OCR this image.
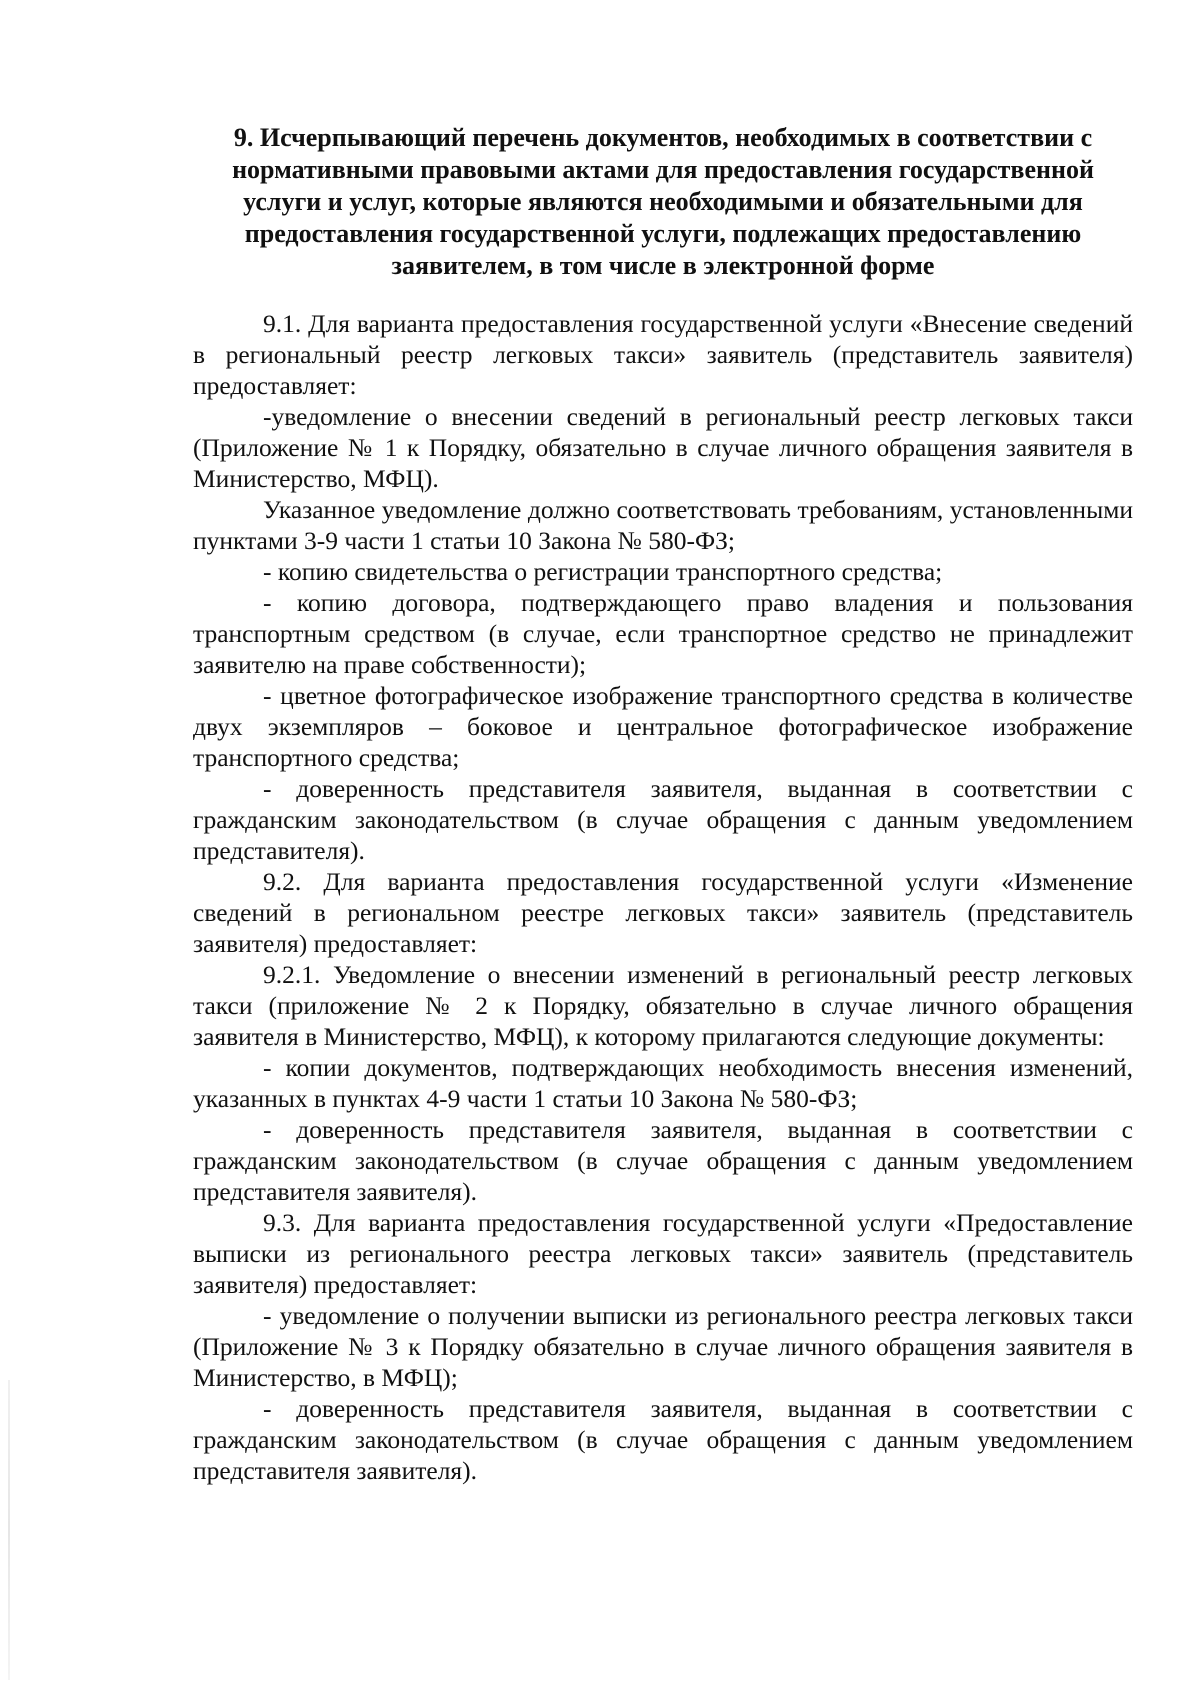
9. Исчерпывающий перечень документов, необходимых в соответствии с
нормативными правовыми актами для предоставления государственной
услуги и услуг, которые являются необходимыми и обязательными для
предоставления государственной услуги, подлежащих предоставлению
заявителем, в том числе в электронной форме

9.1. Для варианта предоставления государственной услуги «Внесение сведений в региональный реестр легковых такси» заявитель (представитель заявителя) предоставляет:

-уведомление о внесении сведений в региональный реестр легковых такси (Приложение № 1 к Порядку, обязательно в случае личного обращения заявителя в Министерство, МФЦ).

Указанное уведомление должно соответствовать требованиям, установленными пунктами 3-9 части 1 статьи 10 Закона № 580-ФЗ;

- копию свидетельства о регистрации транспортного средства;

- копию договора, подтверждающего право владения и пользования транспортным средством (в случае, если транспортное средство не принадлежит заявителю на праве собственности);

- цветное фотографическое изображение транспортного средства в количестве двух экземпляров – боковое и центральное фотографическое изображение транспортного средства;

- доверенность представителя заявителя, выданная в соответствии с гражданским законодательством (в случае обращения с данным уведомлением представителя).

9.2. Для варианта предоставления государственной услуги «Изменение сведений в региональном реестре легковых такси» заявитель (представитель заявителя) предоставляет:

9.2.1. Уведомление о внесении изменений в региональный реестр легковых такси (приложение № 2 к Порядку, обязательно в случае личного обращения заявителя в Министерство, МФЦ), к которому прилагаются следующие документы:

- копии документов, подтверждающих необходимость внесения изменений, указанных в пунктах 4-9 части 1 статьи 10 Закона № 580-ФЗ;

- доверенность представителя заявителя, выданная в соответствии с гражданским законодательством (в случае обращения с данным уведомлением представителя заявителя).

9.3. Для варианта предоставления государственной услуги «Предоставление выписки из регионального реестра легковых такси» заявитель (представитель заявителя) предоставляет:

- уведомление о получении выписки из регионального реестра легковых такси (Приложение № 3 к Порядку обязательно в случае личного обращения заявителя в Министерство, в МФЦ);

- доверенность представителя заявителя, выданная в соответствии с гражданским законодательством (в случае обращения с данным уведомлением представителя заявителя).
